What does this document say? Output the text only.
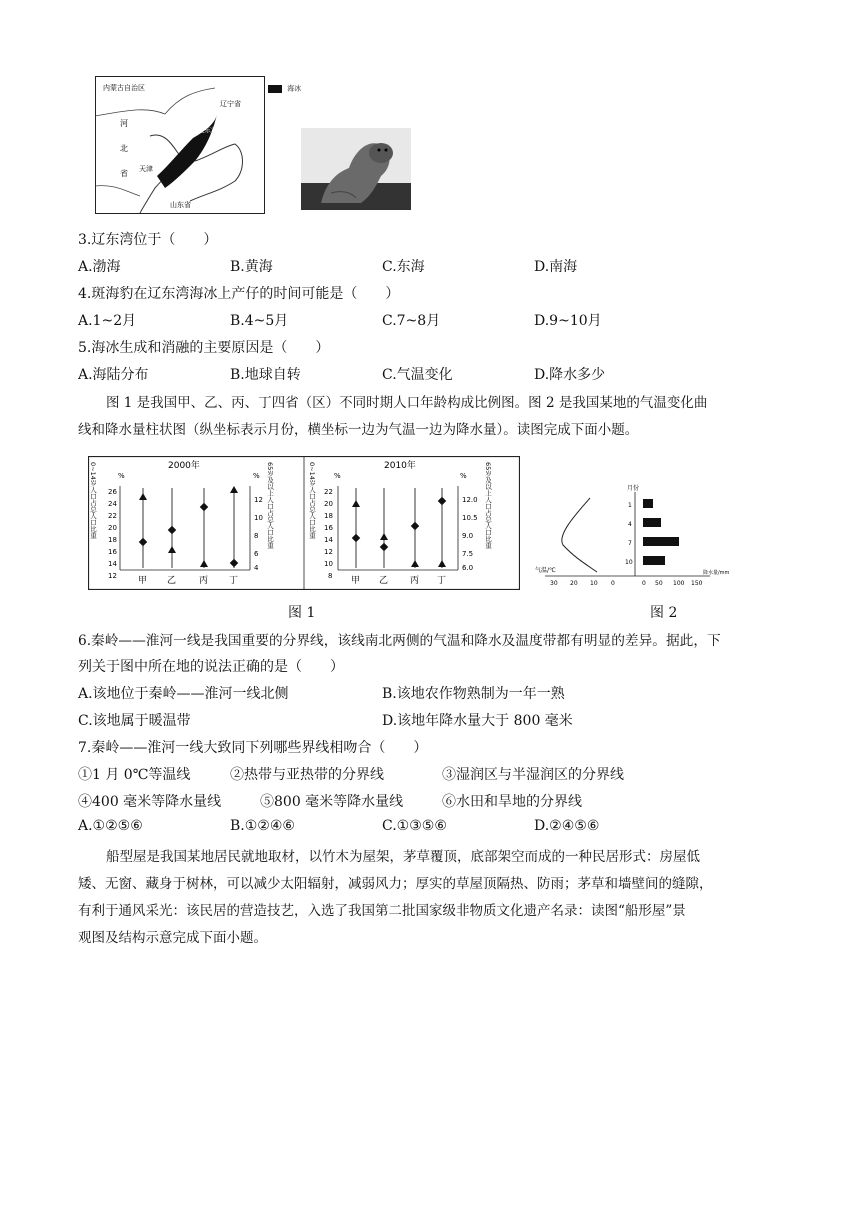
内蒙古自治区
辽宁省
辽东湾
河
北
省 天津
山东省
海冰
3.辽东湾位于（　　）
A.渤海	B.黄海	C.东海	D.南海
4.斑海豹在辽东湾海冰上产仔的时间可能是（　　）
A.1~2月	B.4~5月	C.7~8月	D.9~10月
5.海冰生成和消融的主要原因是（　　）
A.海陆分布	B.地球自转	C.气温变化	D.降水多少
图 1 是我国甲、乙、丙、丁四省（区）不同时期人口年龄构成比例图。图 2 是我国某地的气温变化曲
线和降水量柱状图（纵坐标表示月份，横坐标一边为气温一边为降水量）。读图完成下面小题。
2000年
%	%
0~14岁人口占总人口比重 26
24
22
20
18
16
14
12
12
10
8
6
4
65岁及以上人口占总人口比重
甲 乙	丙 丁
2010年
%	%
0~14岁人口占总人口比重 22
20
18
16
14
12
10
8
12.0
10.5
9.0
7.5
6.0
65岁及以上人口占总人口比重
甲 乙 丙 丁
月份
1
4
7
10
气温/℃
30 20 10 0	0 50 100 150
降水量/mm
图 1	图 2
6.秦岭——淮河一线是我国重要的分界线，该线南北两侧的气温和降水及温度带都有明显的差异。据此，下
列关于图中所在地的说法正确的是（　　）
A.该地位于秦岭——淮河一线北侧	B.该地农作物熟制为一年一熟
C.该地属于暖温带	D.该地年降水量大于 800 毫米
7.秦岭——淮河一线大致同下列哪些界线相吻合（　　）
①1 月 0℃等温线	②热带与亚热带的分界线	③湿润区与半湿润区的分界线
④400 毫米等降水量线	⑤800 毫米等降水量线	⑥水田和旱地的分界线
A.①②⑤⑥	B.①②④⑥	C.①③⑤⑥	D.②④⑤⑥
船型屋是我国某地居民就地取材，以竹木为屋架，茅草覆顶，底部架空而成的一种民居形式：房屋低
矮、无窗、藏身于树林，可以减少太阳辐射，减弱风力；厚实的草屋顶隔热、防雨；茅草和墙壁间的缝隙，
有利于通风采光：该民居的营造技艺，入选了我国第二批国家级非物质文化遗产名录：读图“船形屋”景
观图及结构示意完成下面小题。
